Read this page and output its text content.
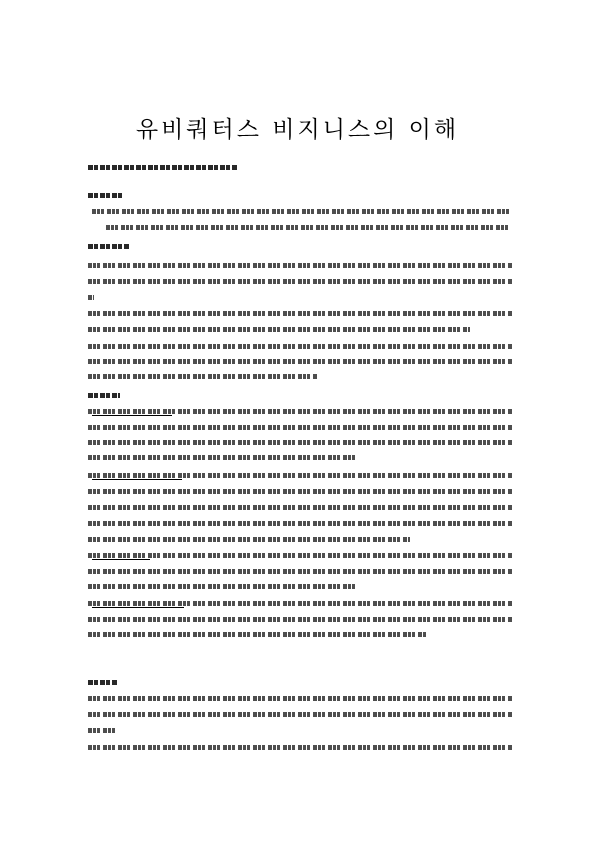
유비쿼터스 비지니스의 이해
